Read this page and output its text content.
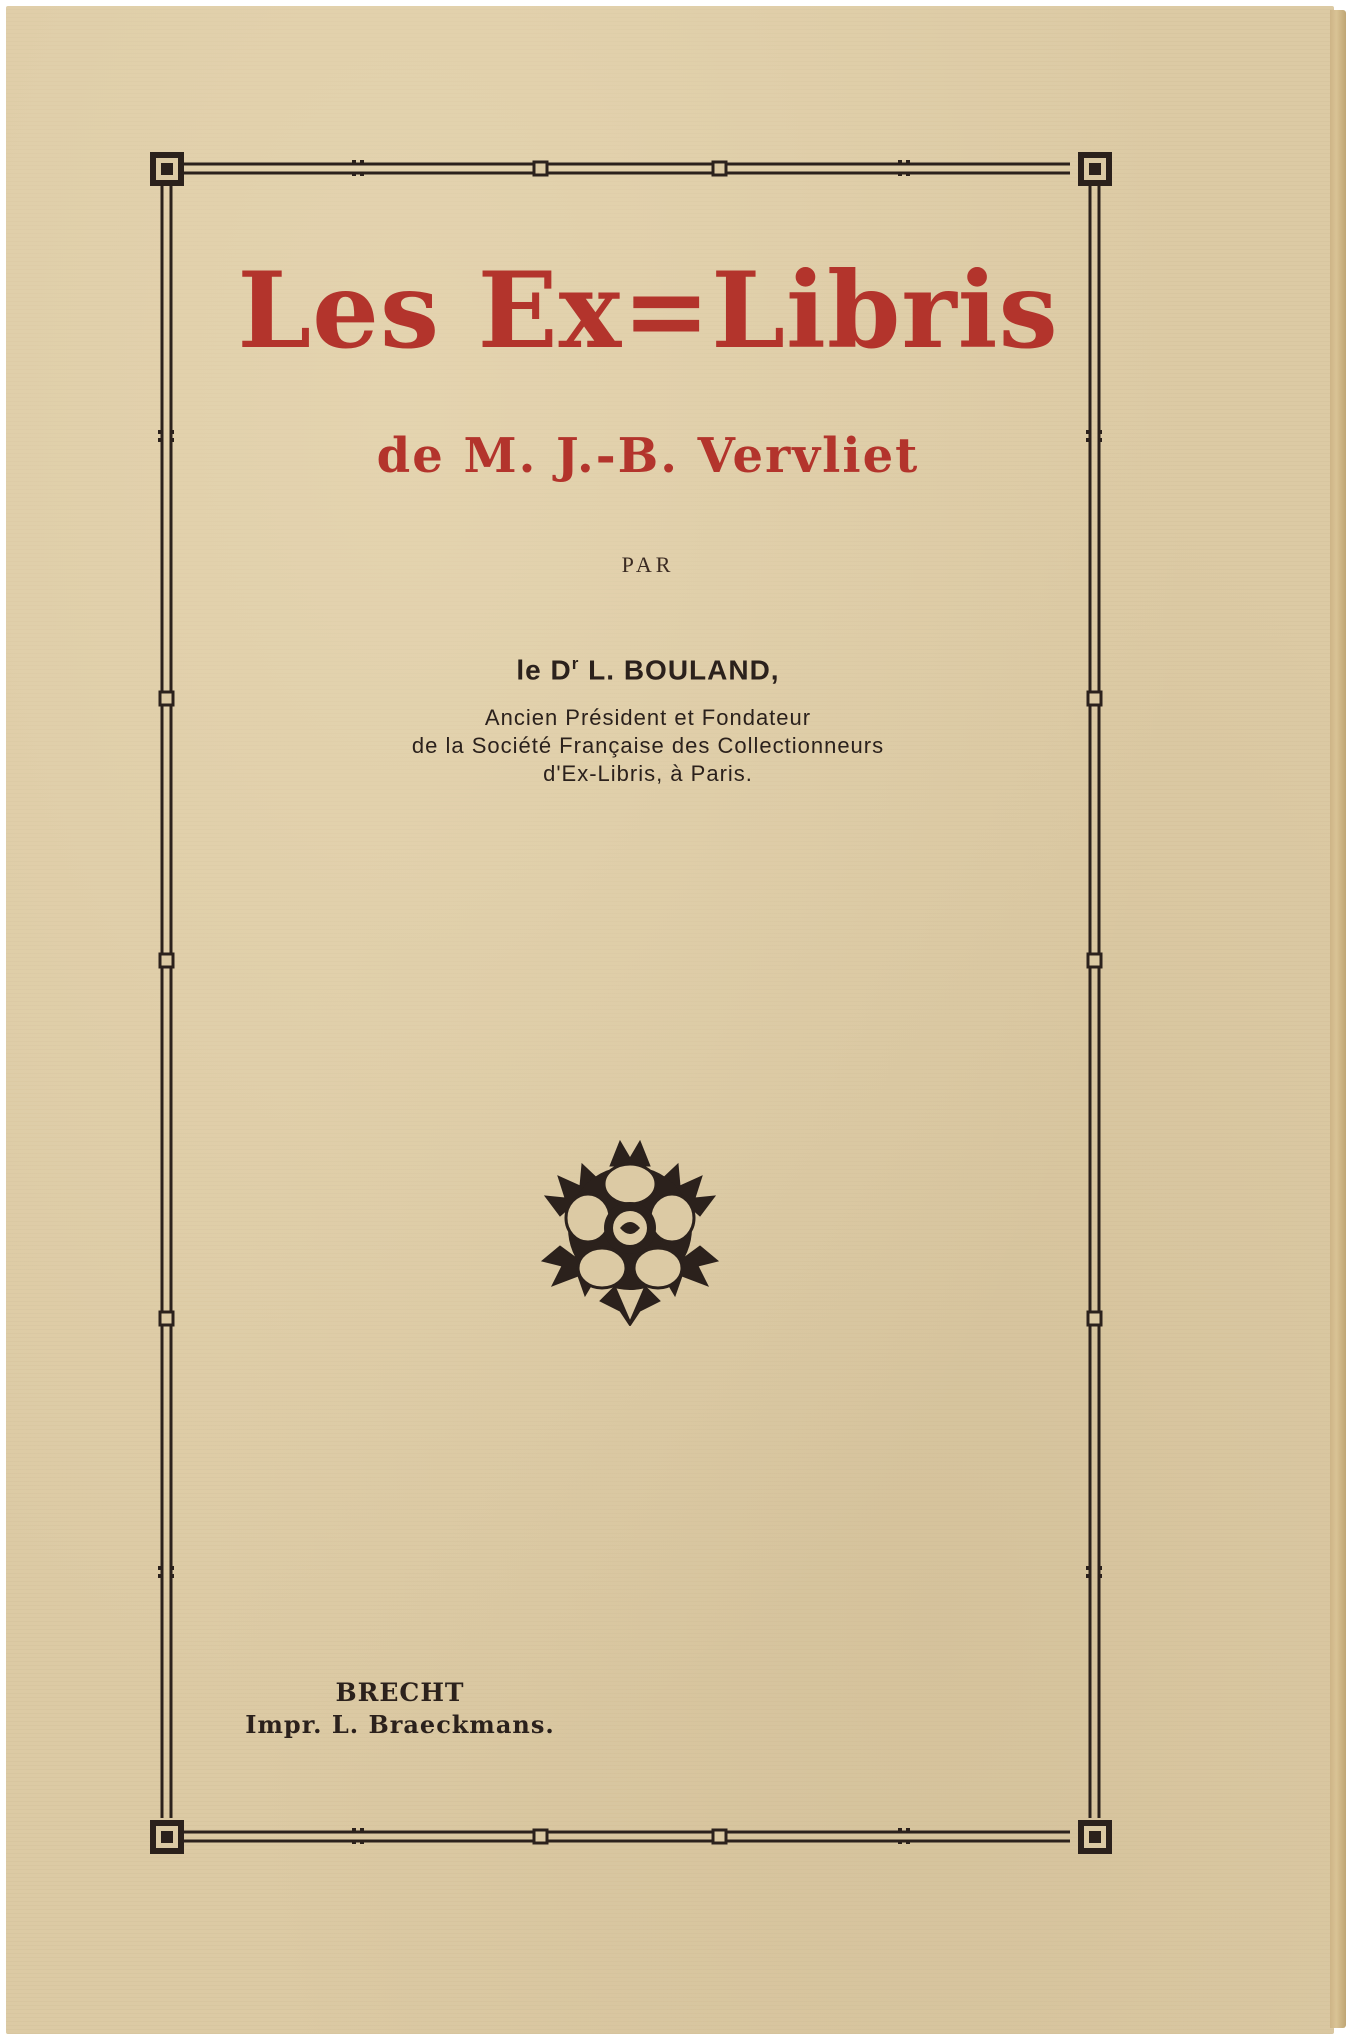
Les Ex=Libris
de M. J.-B. Vervliet
PAR
le $D^r$ L. BOULAND,
Ancien Président et Fondateur
de la Société Française des Collectionneurs
d'Ex-Libris, à Paris.
BRECHT
Impr. L. Braeckmans.
